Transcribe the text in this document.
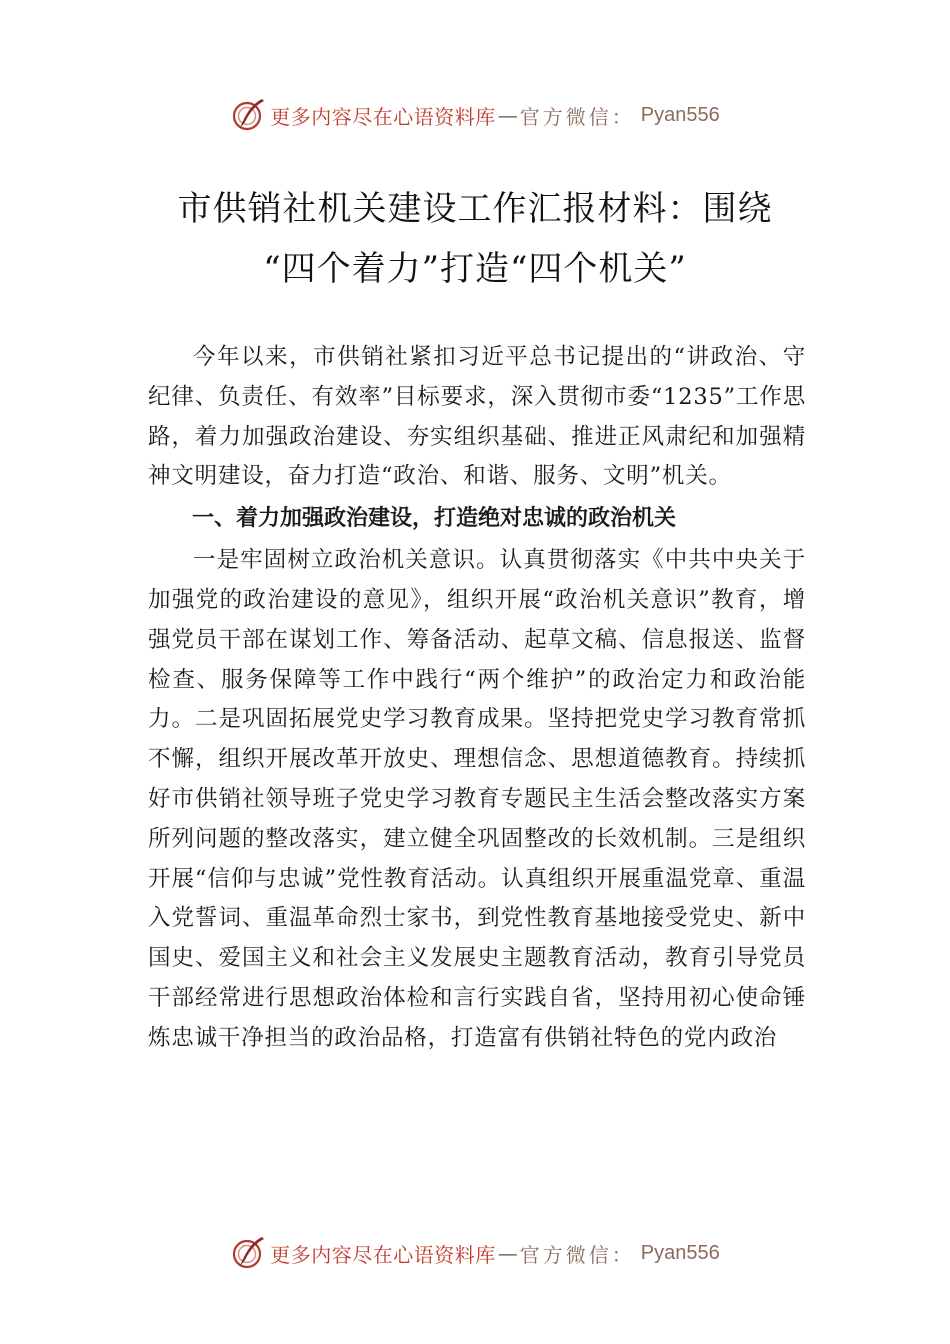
更多内容尽在心语资料库 — 官方微信： Pyan556
市供销社机关建设工作汇报材料：围绕
“四个着力”打造“四个机关”

今年以来，市供销社紧扣习近平总书记提出的“讲政治、守纪律、负责任、有效率”目标要求，深入贯彻市委“1235”工作思路，着力加强政治建设、夯实组织基础、推进正风肃纪和加强精神文明建设，奋力打造“政治、和谐、服务、文明”机关。

一、着力加强政治建设，打造绝对忠诚的政治机关

一是牢固树立政治机关意识。认真贯彻落实《中共中央关于加强党的政治建设的意见》，组织开展“政治机关意识”教育，增强党员干部在谋划工作、筹备活动、起草文稿、信息报送、监督检查、服务保障等工作中践行“两个维护”的政治定力和政治能力。二是巩固拓展党史学习教育成果。坚持把党史学习教育常抓不懈，组织开展改革开放史、理想信念、思想道德教育。持续抓好市供销社领导班子党史学习教育专题民主生活会整改落实方案所列问题的整改落实，建立健全巩固整改的长效机制。三是组织开展“信仰与忠诚”党性教育活动。认真组织开展重温党章、重温入党誓词、重温革命烈士家书，到党性教育基地接受党史、新中国史、爱国主义和社会主义发展史主题教育活动，教育引导党员干部经常进行思想政治体检和言行实践自省，坚持用初心使命锤炼忠诚干净担当的政治品格，打造富有供销社特色的党内政治

更多内容尽在心语资料库 — 官方微信： Pyan556
